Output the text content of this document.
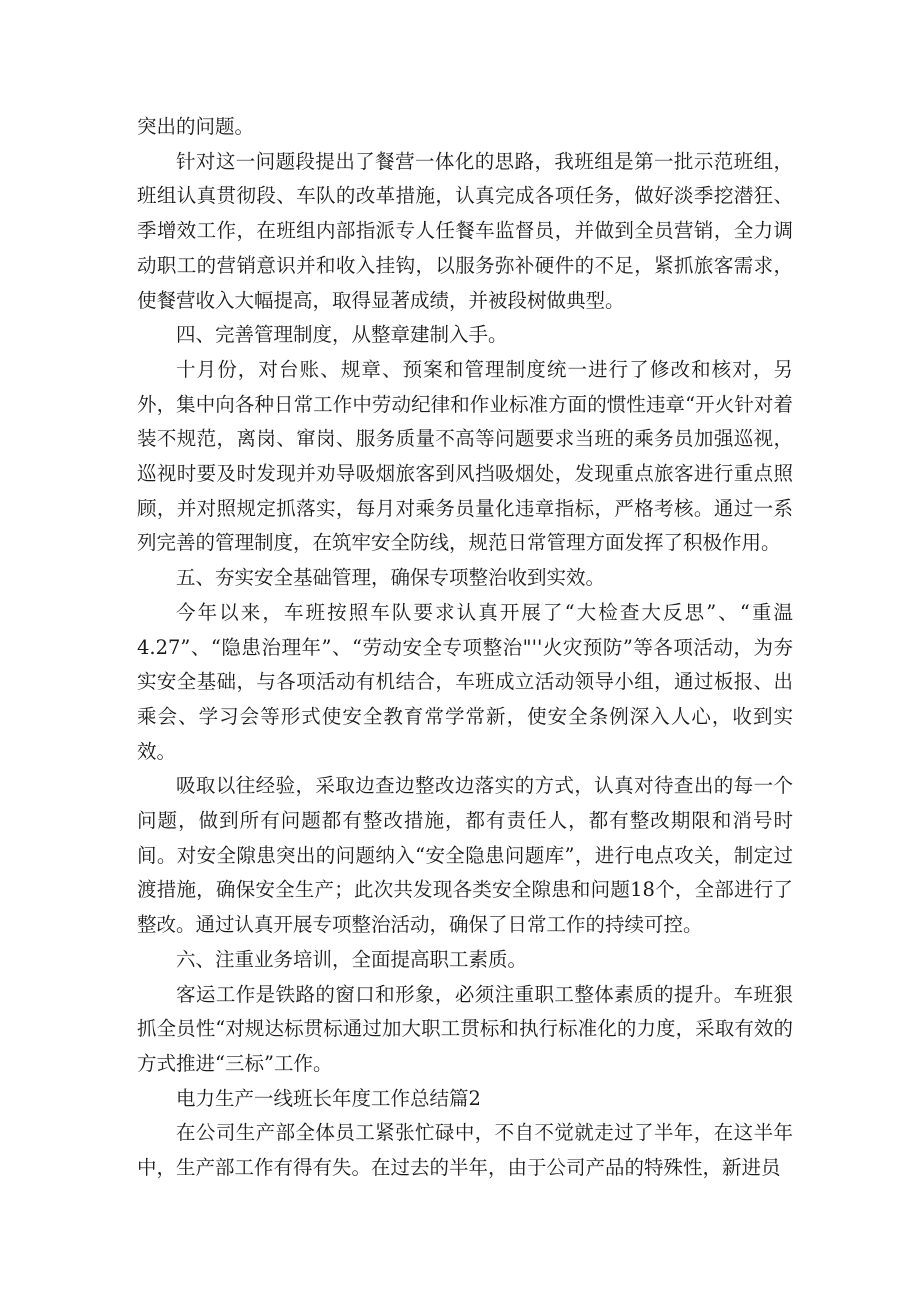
突出的问题。

针对这一问题段提出了餐营一体化的思路，我班组是第一批示范班组，班组认真贯彻段、车队的改革措施，认真完成各项任务，做好淡季挖潜狂、季增效工作，在班组内部指派专人任餐车监督员，并做到全员营销，全力调动职工的营销意识并和收入挂钩，以服务弥补硬件的不足，紧抓旅客需求，使餐营收入大幅提高，取得显著成绩，并被段树做典型。

四、完善管理制度，从整章建制入手。

十月份，对台账、规章、预案和管理制度统一进行了修改和核对，另外，集中向各种日常工作中劳动纪律和作业标准方面的惯性违章“开火针对着装不规范，离岗、窜岗、服务质量不高等问题要求当班的乘务员加强巡视，巡视时要及时发现并劝导吸烟旅客到风挡吸烟处，发现重点旅客进行重点照顾，并对照规定抓落实，每月对乘务员量化违章指标，严格考核。通过一系列完善的管理制度，在筑牢安全防线，规范日常管理方面发挥了积极作用。

五、夯实安全基础管理，确保专项整治收到实效。

今年以来，车班按照车队要求认真开展了“大检查大反思”、“重温4.27”、“隐患治理年”、“劳动安全专项整治"''火灾预防”等各项活动，为夯实安全基础，与各项活动有机结合，车班成立活动领导小组，通过板报、出乘会、学习会等形式使安全教育常学常新，使安全条例深入人心，收到实效。

吸取以往经验，采取边查边整改边落实的方式，认真对待查出的每一个问题，做到所有问题都有整改措施，都有责任人，都有整改期限和消号时间。对安全隙患突出的问题纳入“安全隐患问题库”，进行电点攻关，制定过渡措施，确保安全生产；此次共发现各类安全隙患和问题18个，全部进行了整改。通过认真开展专项整治活动，确保了日常工作的持续可控。

六、注重业务培训，全面提高职工素质。

客运工作是铁路的窗口和形象，必须注重职工整体素质的提升。车班狠抓全员性“对规达标贯标通过加大职工贯标和执行标准化的力度，采取有效的方式推进“三标”工作。

电力生产一线班长年度工作总结篇2

在公司生产部全体员工紧张忙碌中，不自不觉就走过了半年，在这半年中，生产部工作有得有失。在过去的半年，由于公司产品的特殊性，新进员
